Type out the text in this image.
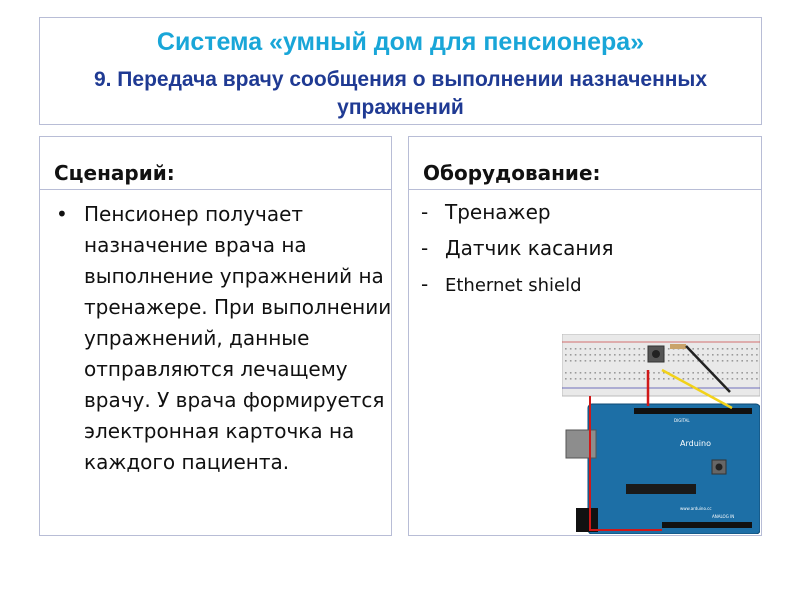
Система «умный дом для пенсионера»
9. Передача врачу сообщения о выполнении назначенных упражнений
Сценарий:
• Пенсионер получает назначение врача на выполнение упражнений на тренажере. При выполнении упражнений, данные отправляются лечащему врачу. У врача формируется электронная карточка на каждого пациента.
Оборудование:
- Тренажер
- Датчик касания
- Ethernet shield
Arduino
www.arduino.cc
DIGITAL
ANALOG IN
